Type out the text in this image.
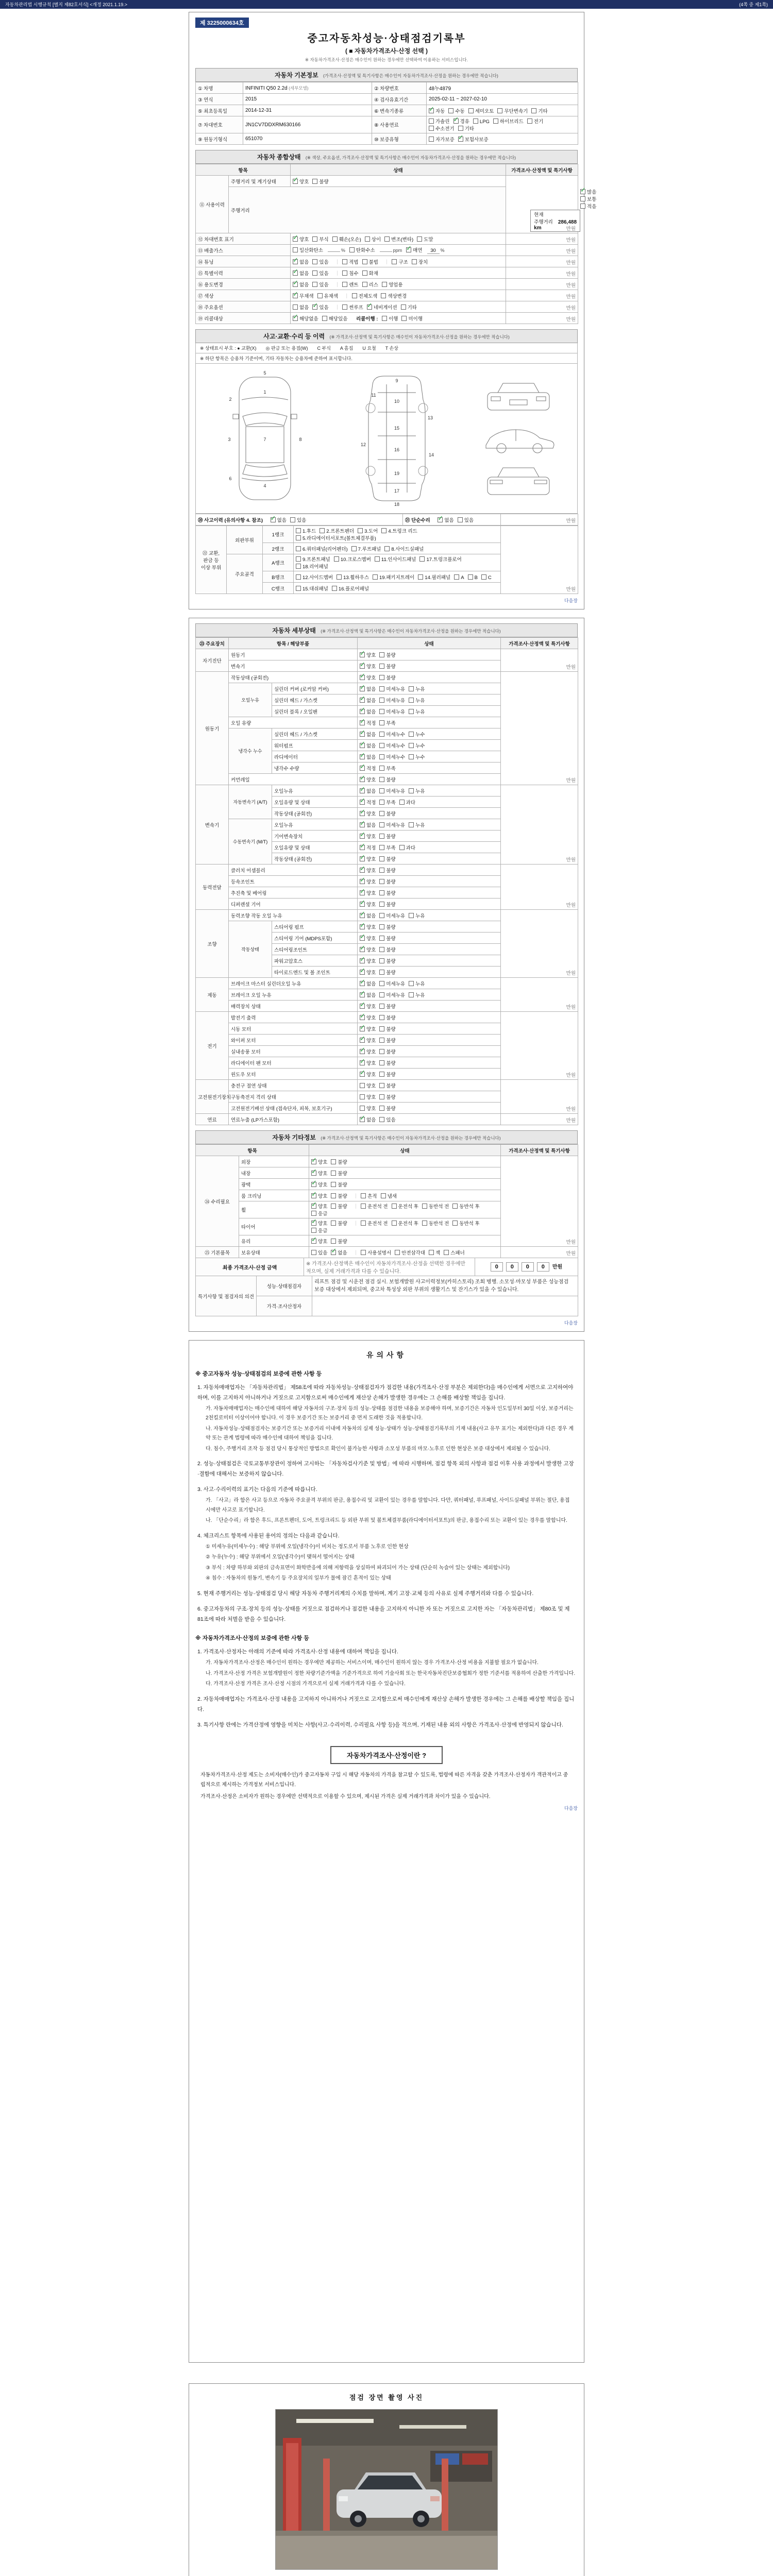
자동차관리법 시행규칙 [별지 제82호서식] <개정 2021.1.19.>	(4쪽 중 제1쪽)
제 3225000634호
중고자동차성능·상태점검기록부
( ■ 자동차가격조사·산정 선택 )
※ 자동차가격조사·산정은 매수인이 원하는 경우에만 선택하여 이용하는 서비스입니다.
자동차 기본정보 (가격조사·산정액 및 특기사항은 매수인이 자동차가격조사·산정을 원하는 경우에만 적습니다)
① 차명	INFINITI Q50 2.2d (세부모델)	② 차량번호	48누4879
③ 연식	2015	④ 검사유효기간	2025-02-11 ~ 2027-02-10
⑤ 최초등록일	2014-12-31	⑥ 변속기종류	✓자동 수동 세미오토 무단변속기 기타
⑦ 차대번호	JN1CV7DDXRM630166	⑧ 사용연료	가솔린 ✓ 경유 LPG 하이브리드 전기수소전기 기타
⑨ 원동기형식	651070	⑩ 보증유형	자가보증 ✓ 보험사보증
자동차 종합상태 (※ 색상, 주요옵션, 가격조사·산정액 및 특기사항은 매수인이 자동차가격조사·산정을 원하는 경우에만 적습니다)
항목		상태	가격조사·산정액 및 특기사항	
⑪ 사용이력	주행거리 및 계기상태	✓양호 불량	만원	
	주행거리	✓많음보통적음
현재 주행거리 286,488 km

⑫ 차대번호 표기	✓양호 부식 훼손(오손) 상이 변조(변타) 도말	만원	
⑬ 배출가스		일산화탄소 % 탄화수소 ppm ✓ 매연 30 %	만원	
⑭ 튜닝	✓없음 있음 ｜ 적법 불법 ｜ 구조 장치	만원	
⑮ 특별이력	✓없음 있음 ｜ 침수 화재	만원	
⑯ 용도변경	✓없음 있음 ｜ 렌트 리스 영업용	만원	
⑰ 색상	✓무채색 유채색 ｜ 전체도색 색상변경	만원	
⑱ 주요옵션		없음 ✓ 있음 ｜ 썬루프 ✓ 네비게이션 기타	만원	
⑲ 리콜대상	✓해당없음 해당있음　리콜이행 : 이행 미이행	만원	
사고·교환·수리 등 이력 (※ 가격조사·산정액 및 특기사항은 매수인이 자동차가격조사·산정을 원하는 경우에만 적습니다)
※ 상태표시 부호 : ● 교환(X)　　◎ 판금 또는 용접(W)　　C 부식　　A 흠집　　U 요철　　T 손상
※ 하단 항목은 승용차 기준이며, 기타 자동차는 승용차에 준하여 표시합니다.
1
2
3
4
5
6
7	8
9
10
11
12
13
14
15
16
17
18
19
⑳ 사고이력 (유의사항 4. 참조)　✓없음 있음	㉑ 단순수리　✓없음 있음	만원
㉒ 교환, 판금 등 이상 부위	외판부위	1랭크	1.후드 2.프론트펜더 3.도어 4.트렁크 리드5.라디에이터서포트(볼트체결부품)	만원
		2랭크	6.쿼터패널(리어펜더) 7.루프패널 8.사이드실패널	
	주요골격	A랭크	9.프론트패널 10.크로스멤버 11.인사이드패널 17.트렁크플로어18.리어패널	
		B랭크	12.사이드멤버 13.휠하우스 19.패키지트레이 14.필러패널 A B C	
		C랭크	15.대쉬패널 16.플로어패널	
다음장
자동차 세부상태 (※ 가격조사·산정액 및 특기사항은 매수인이 자동차가격조사·산정을 원하는 경우에만 적습니다)
㉓ 주요장치	항목 / 해당부품		상태	가격조사·산정액 및 특기사항
자기진단	원동기	✓양호 불량	만원
	변속기	✓양호 불량
원동기	작동상태 (공회전)	✓양호 불량	만원
	오일누유	실린더 커버 (로커암 커버)	✓없음 미세누유 누유
		실린더 헤드 / 가스켓	✓없음 미세누유 누유
		실린더 블록 / 오일팬	✓없음 미세누유 누유
	오일 유량	✓적정 부족
	냉각수 누수	실린더 헤드 / 가스켓	✓없음 미세누수 누수
		워터펌프	✓없음 미세누수 누수
		라디에이터	✓없음 미세누수 누수
		냉각수 수량	✓적정 부족
	커먼레일	✓양호 불량
변속기	자동변속기 (A/T)	오일누유	✓없음 미세누유 누유	만원
		오일유량 및 상태	✓적정 부족 과다
		작동상태 (공회전)	✓양호 불량
	수동변속기 (M/T)	오일누유	✓없음 미세누유 누유
		기어변속장치	✓양호 불량
		오일유량 및 상태	✓적정 부족 과다
		작동상태 (공회전)	✓양호 불량
동력전달	클러치 어셈블리	✓양호 불량	만원
	등속조인트	✓양호 불량
	추진축 및 베어링	✓양호 불량
	디퍼렌셜 기어	✓양호 불량
조향	동력조향 작동 오일 누유	✓없음 미세누유 누유	만원
	작동상태	스티어링 펌프	✓양호 불량
		스티어링 기어 (MDPS포함)	✓양호 불량
		스티어링조인트	✓양호 불량
		파워고압호스	✓양호 불량
		타이로드엔드 및 볼 조인트	✓양호 불량
제동	브레이크 마스터 실린더오일 누유	✓없음 미세누유 누유	만원
	브레이크 오일 누유	✓없음 미세누유 누유
	배력장치 상태	✓양호 불량
전기	발전기 출력	✓양호 불량	만원
	시동 모터	✓양호 불량
	와이퍼 모터	✓양호 불량
	실내송풍 모터	✓양호 불량
	라디에이터 팬 모터	✓양호 불량
	윈도우 모터	✓양호 불량
고전원전기장치	충전구 절연 상태		양호 불량	만원
	구동축전지 격리 상태		양호 불량	
	고전원전기배선 상태 (접속단자, 피복, 보호기구)		양호 불량	
연료	연료누출 (LP가스포함)	✓없음 있음	만원
자동차 기타정보 (※ 가격조사·산정액 및 특기사항은 매수인이 자동차가격조사·산정을 원하는 경우에만 적습니다)
항목		상태	가격조사·산정액 및 특기사항
㉔ 수리필요	외장	✓양호 불량	만원
	내장	✓양호 불량
	광택	✓양호 불량
	룸 크리닝	✓양호 불량 ｜ 흔적 냄새
	휠	✓양호 불량 ｜ 운전석 전 운전석 후 동반석 전 동반석 후응급
	타이어	✓양호 불량 ｜ 운전석 전 운전석 후 동반석 전 동반석 후응급
	유리	✓양호 불량
㉕ 기본품목	보유상태	있음 ✓ 없음 ｜ 사용설명서 안전삼각대 잭 스패너	만원
최종 가격조사·산정 금액	※ 가격조사·산정액은 매수인이 자동차가격조사·산정을 선택한 경우에만 적으며, 실제 거래가격과 다를 수 있습니다.	0 0 0 0 만원
특기사항 및 점검자의 의견	성능·상태점검자	리프트 점검 및 시운전 점검 실시. 보험개발원 사고이력정보(카히스토리) 조회 병행. 소모성·마모성 부품은 성능점검 보증 대상에서 제외되며, 중고차 특성상 외판 부위의 생활기스 및 잔기스가 있을 수 있습니다.
	가격·조사산정자	
다음장
유의사항
※ 중고자동차 성능·상태점검의 보증에 관한 사항 등

1. 자동차매매업자는 「자동차관리법」 제58조에 따라 자동차성능·상태점검자가 점검한 내용(가격조사·산정 부분은 제외한다)을 매수인에게 서면으로 고지하여야 하며, 이를 고지하지 아니하거나 거짓으로 고지함으로써 매수인에게 재산상 손해가 발생한 경우에는 그 손해를 배상할 책임을 집니다.

가. 자동차매매업자는 매수인에 대하여 해당 자동차의 구조·장치 등의 성능·상태를 점검한 내용을 보증해야 하며, 보증기간은 자동차 인도일부터 30일 이상, 보증거리는 2천킬로미터 이상이어야 합니다. 이 경우 보증기간 또는 보증거리 중 먼저 도래한 것을 적용합니다.

나. 자동차성능·상태점검자는 보증기간 또는 보증거리 이내에 자동차의 실제 성능·상태가 성능·상태점검기록부의 기재 내용(사고 유무 표기는 제외한다)과 다른 경우 계약 또는 관계 법령에 따라 매수인에 대하여 책임을 집니다.

다. 침수, 주행거리 조작 등 점검 당시 통상적인 방법으로 확인이 불가능한 사항과 소모성 부품의 마모·노후로 인한 현상은 보증 대상에서 제외될 수 있습니다.

2. 성능·상태점검은 국토교통부장관이 정하여 고시하는 「자동차검사기준 및 방법」에 따라 시행하며, 점검 항목 외의 사항과 점검 이후 사용 과정에서 발생한 고장·결함에 대해서는 보증하지 않습니다.

3. 사고·수리이력의 표기는 다음의 기준에 따릅니다.

가. 「사고」라 함은 사고 등으로 자동차 주요골격 부위의 판금, 용접수리 및 교환이 있는 경우를 말합니다. 다만, 쿼터패널, 루프패널, 사이드실패널 부위는 절단, 용접 시에만 사고로 표기합니다.

나. 「단순수리」라 함은 후드, 프론트펜더, 도어, 트렁크리드 등 외판 부위 및 볼트체결부품(라디에이터서포트)의 판금, 용접수리 또는 교환이 있는 경우를 말합니다.

4. 체크리스트 항목에 사용된 용어의 정의는 다음과 같습니다.

① 미세누유(미세누수) : 해당 부위에 오일(냉각수)이 비치는 정도로서 부품 노후로 인한 현상

② 누유(누수) : 해당 부위에서 오일(냉각수)이 맺혀서 떨어지는 상태

③ 부식 : 차량 하부와 외판의 금속표면이 화학반응에 의해 저항력을 상실하여 파괴되어 가는 상태 (단순히 녹슬어 있는 상태는 제외합니다)

④ 침수 : 자동차의 원동기, 변속기 등 주요장치의 일부가 물에 잠긴 흔적이 있는 상태

5. 현재 주행거리는 성능·상태점검 당시 해당 자동차 주행거리계의 수치를 말하며, 계기 고장·교체 등의 사유로 실제 주행거리와 다를 수 있습니다.

6. 중고자동차의 구조·장치 등의 성능·상태를 거짓으로 점검하거나 점검한 내용을 고지하지 아니한 자 또는 거짓으로 고지한 자는 「자동차관리법」 제80조 및 제81조에 따라 처벌을 받을 수 있습니다.

※ 자동차가격조사·산정의 보증에 관한 사항 등

1. 가격조사·산정자는 아래의 기준에 따라 가격조사·산정 내용에 대하여 책임을 집니다.

가. 자동차가격조사·산정은 매수인이 원하는 경우에만 제공하는 서비스이며, 매수인이 원하지 않는 경우 가격조사·산정 비용을 지불할 필요가 없습니다.

나. 가격조사·산정 가격은 보험개발원이 정한 차량기준가액을 기준가격으로 하여 기술사회 또는 한국자동차진단보증협회가 정한 기준서를 적용하여 산출한 가격입니다.

다. 가격조사·산정 가격은 조사·산정 시점의 가격으로서 실제 거래가격과 다를 수 있습니다.

2. 자동차매매업자는 가격조사·산정 내용을 고지하지 아니하거나 거짓으로 고지함으로써 매수인에게 재산상 손해가 발생한 경우에는 그 손해를 배상할 책임을 집니다.

3. 특기사항 란에는 가격산정에 영향을 미치는 사항(사고·수리이력, 수리필요 사항 등)을 적으며, 기재된 내용 외의 사항은 가격조사·산정에 반영되지 않습니다.

자동차가격조사·산정이란 ?

자동차가격조사·산정 제도는 소비자(매수인)가 중고자동차 구입 시 해당 자동차의 가격을 참고할 수 있도록, 법령에 따른 자격을 갖춘 가격조사·산정자가 객관적이고 중립적으로 제시하는 가격정보 서비스입니다.

가격조사·산정은 소비자가 원하는 경우에만 선택적으로 이용할 수 있으며, 제시된 가격은 실제 거래가격과 차이가 있을 수 있습니다.

다음장
점검 장면 촬영 사진
